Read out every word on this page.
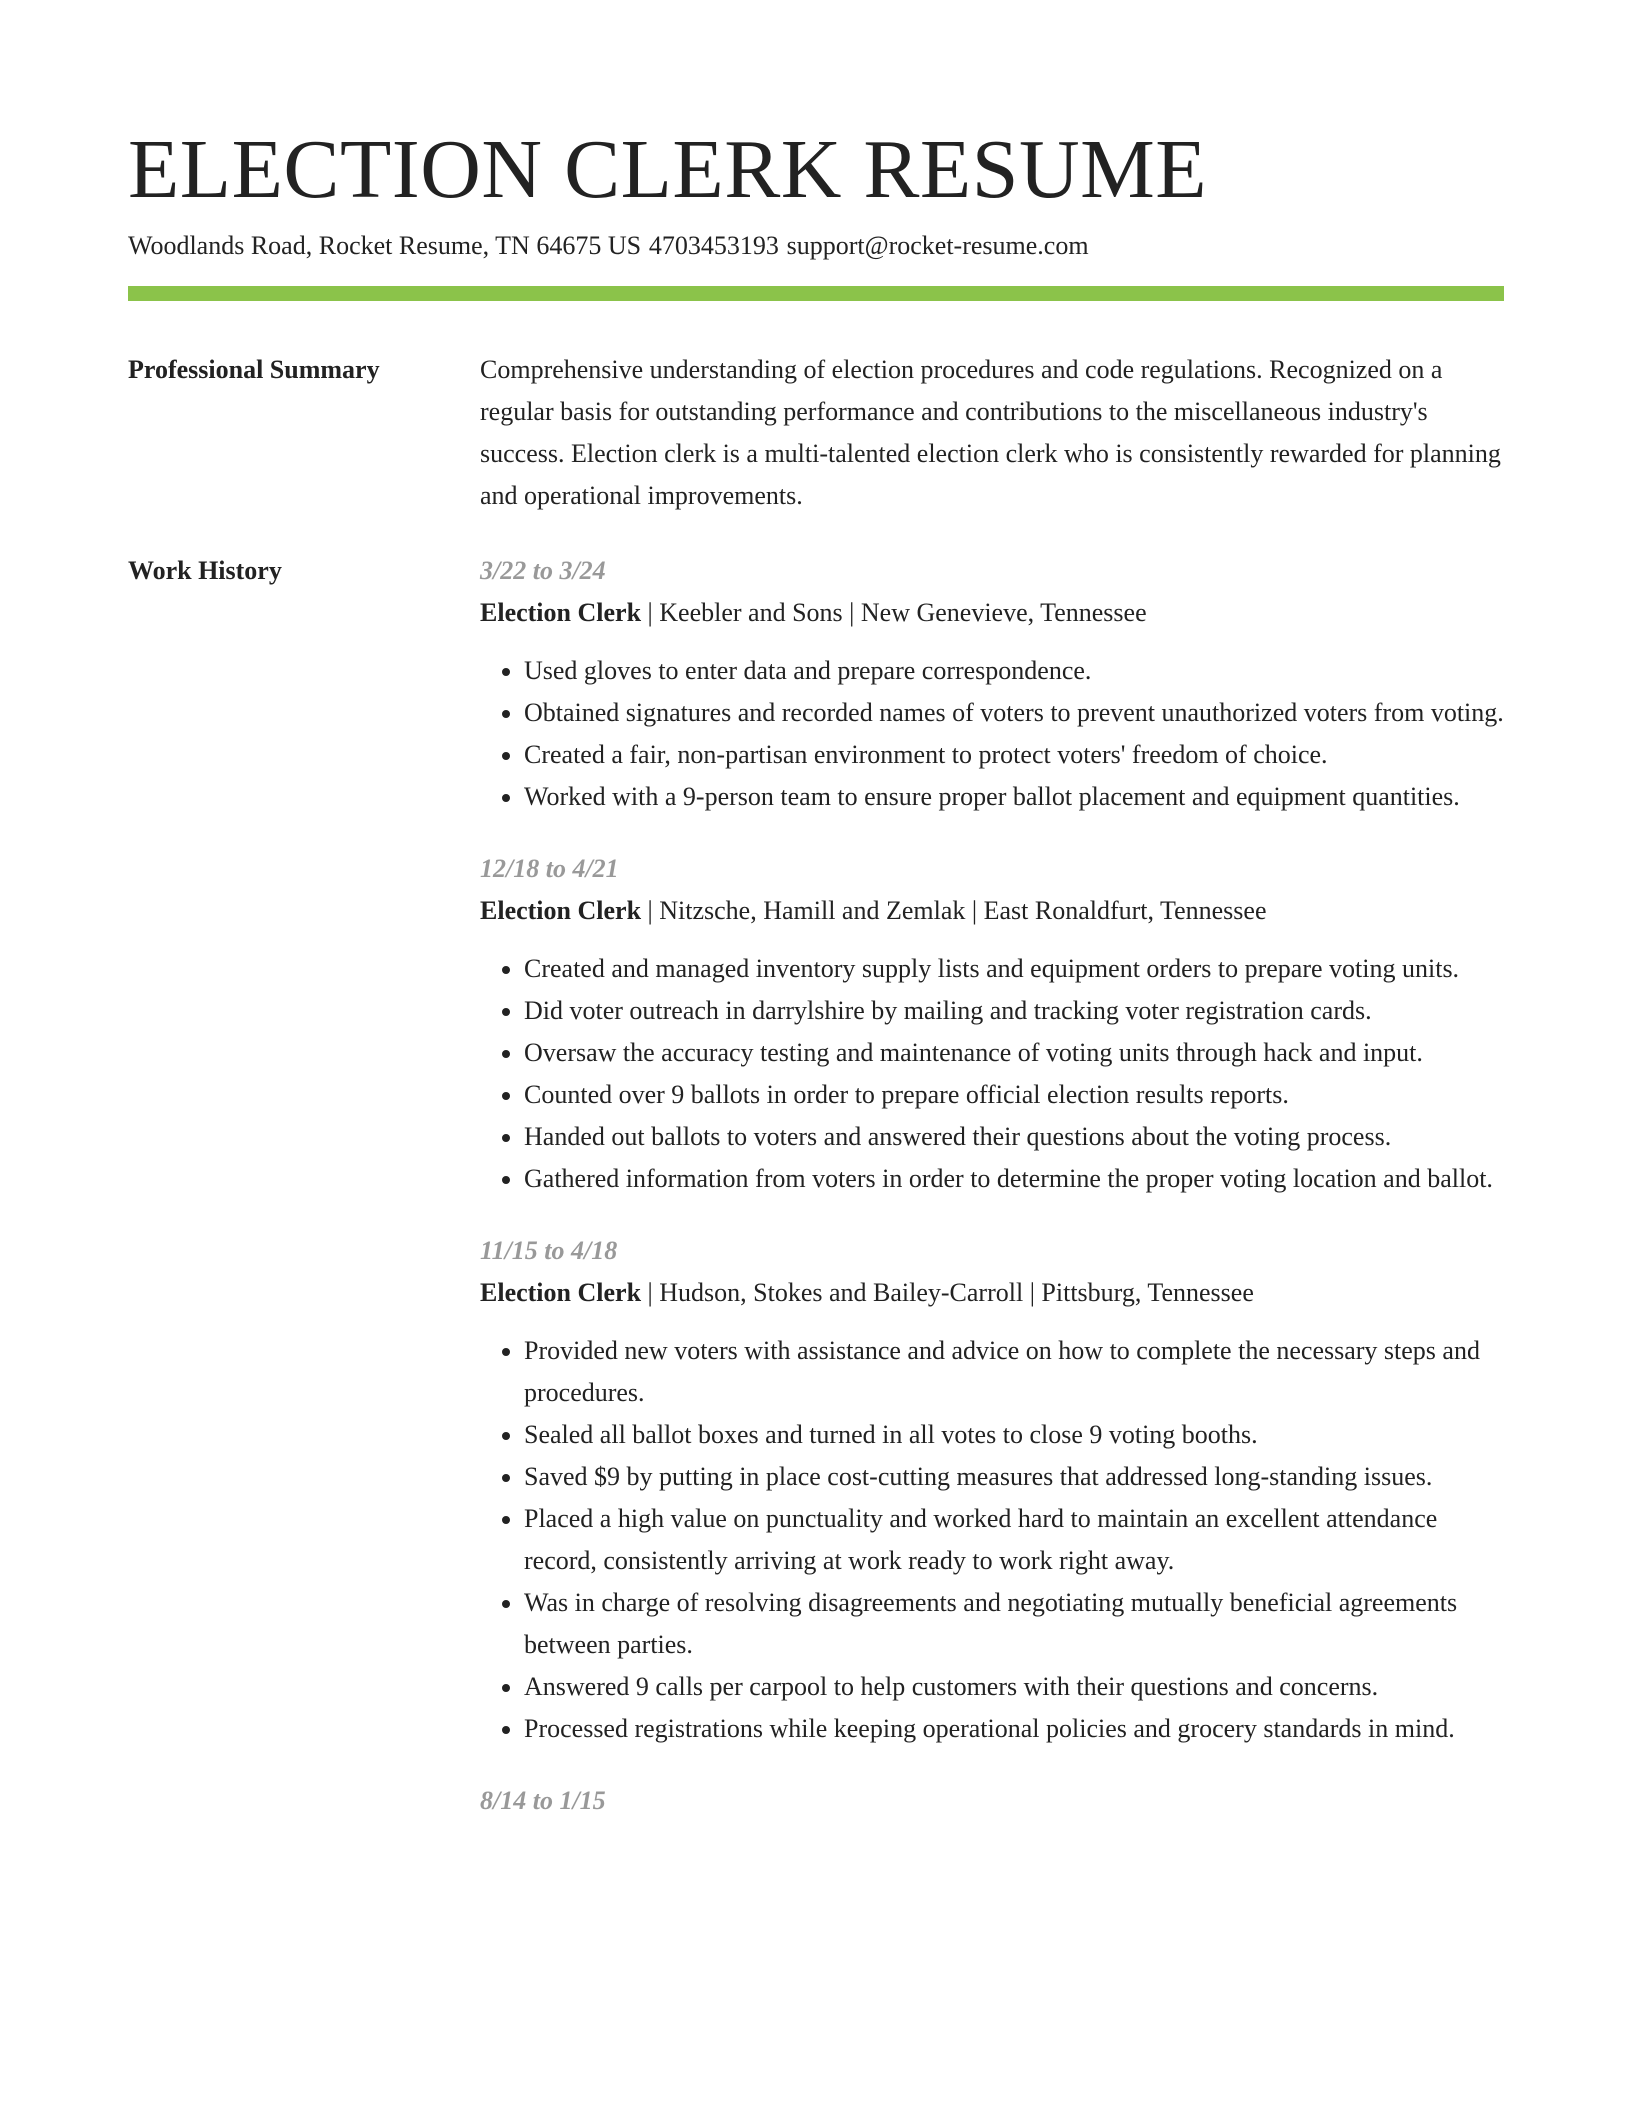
ELECTION CLERK RESUME
Woodlands Road, Rocket Resume, TN 64675 US 4703453193 support@rocket-resume.com
Professional Summary	Comprehensive understanding of election procedures and code regulations. Recognized on a regular basis for outstanding performance and contributions to the miscellaneous industry's success. Election clerk is a multi-talented election clerk who is consistently rewarded for planning and operational improvements.

Work History	3/22 to 3/24
Election Clerk | Keebler and Sons | New Genevieve, Tennessee
• Used gloves to enter data and prepare correspondence.
• Obtained signatures and recorded names of voters to prevent unauthorized voters from voting.
• Created a fair, non-partisan environment to protect voters' freedom of choice.
• Worked with a 9-person team to ensure proper ballot placement and equipment quantities.
12/18 to 4/21
Election Clerk | Nitzsche, Hamill and Zemlak | East Ronaldfurt, Tennessee
• Created and managed inventory supply lists and equipment orders to prepare voting units.
• Did voter outreach in darrylshire by mailing and tracking voter registration cards.
• Oversaw the accuracy testing and maintenance of voting units through hack and input.
• Counted over 9 ballots in order to prepare official election results reports.
• Handed out ballots to voters and answered their questions about the voting process.
• Gathered information from voters in order to determine the proper voting location and ballot.
11/15 to 4/18
Election Clerk | Hudson, Stokes and Bailey-Carroll | Pittsburg, Tennessee
• Provided new voters with assistance and advice on how to complete the necessary steps and procedures.
• Sealed all ballot boxes and turned in all votes to close 9 voting booths.
• Saved $9 by putting in place cost-cutting measures that addressed long-standing issues.
• Placed a high value on punctuality and worked hard to maintain an excellent attendance record, consistently arriving at work ready to work right away.
• Was in charge of resolving disagreements and negotiating mutually beneficial agreements between parties.
• Answered 9 calls per carpool to help customers with their questions and concerns.
• Processed registrations while keeping operational policies and grocery standards in mind.
8/14 to 1/15
